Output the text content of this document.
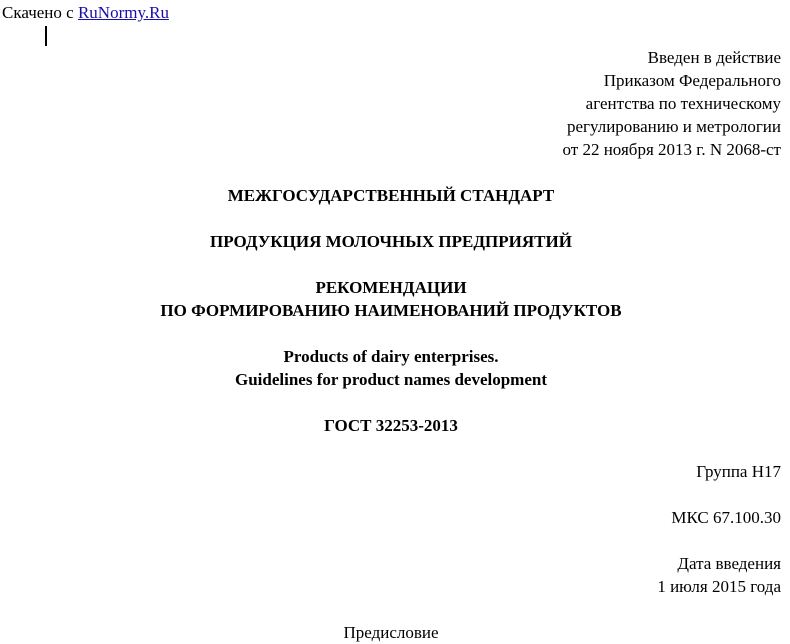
Скачено с RuNormy.Ru
Введен в действие
Приказом Федерального
агентства по техническому
регулированию и метрологии
от 22 ноября 2013 г. N 2068-ст
МЕЖГОСУДАРСТВЕННЫЙ СТАНДАРТ
ПРОДУКЦИЯ МОЛОЧНЫХ ПРЕДПРИЯТИЙ
РЕКОМЕНДАЦИИ
ПО ФОРМИРОВАНИЮ НАИМЕНОВАНИЙ ПРОДУКТОВ
Products of dairy enterprises.
Guidelines for product names development
ГОСТ 32253-2013
Группа Н17
МКС 67.100.30
Дата введения
1 июля 2015 года
Предисловие
